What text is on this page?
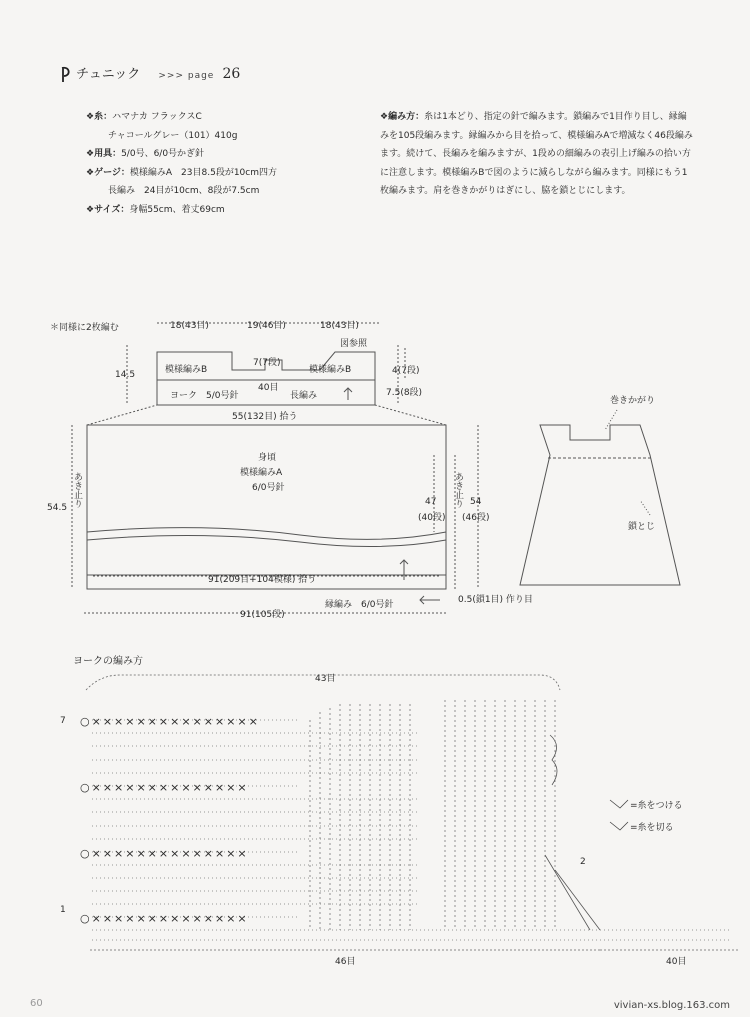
チュニック >>> page 26
❖糸：ハマナカ フラックスC
チャコールグレー（101）410g
❖用具：5/0号、6/0号かぎ針
❖ゲージ：模様編みA　23目8.5段が10cm四方
長編み　24目が10cm、8段が7.5cm
❖サイズ：身幅55cm、着丈69cm
❖編み方：糸は1本どり、指定の針で編みます。鎖編みで1目作り目し、縁編みを105段編みます。縁編みから目を拾って、模様編みAで増減なく46段編みます。続けて、長編みを編みますが、1段めの細編みの表引上げ編みの拾い方に注意します。模様編みBで図のように減らしながら編みます。同様にもう1枚編みます。肩を巻きかがりはぎにし、脇を鎖とじにします。
＊同様に2枚編む	18(43目)	19(46目)	18(43目)
14.5	模様編みB	模様編みB
7(7段)
40目
図参照
4(7段)
7.5(8段)
ヨーク　5/0号針	長編み
55(132目) 拾う
身頃
模様編みA
6/0号針
54.5 あき止り	あき止り
47
(40段)
54
(46段)
91(209目+104模様) 拾う
縁編み　6/0号針
91(105段)
0.5(鎖1目) 作り目
巻きかがり
鎖とじ
ヨークの編み方
43目
7
1
2
46目	40目
=糸をつける
=糸を切る
○×××××××××××××××
○××××××××××××××
○××××××××××××××
○××××××××××××××
60	vivian-xs.blog.163.com
